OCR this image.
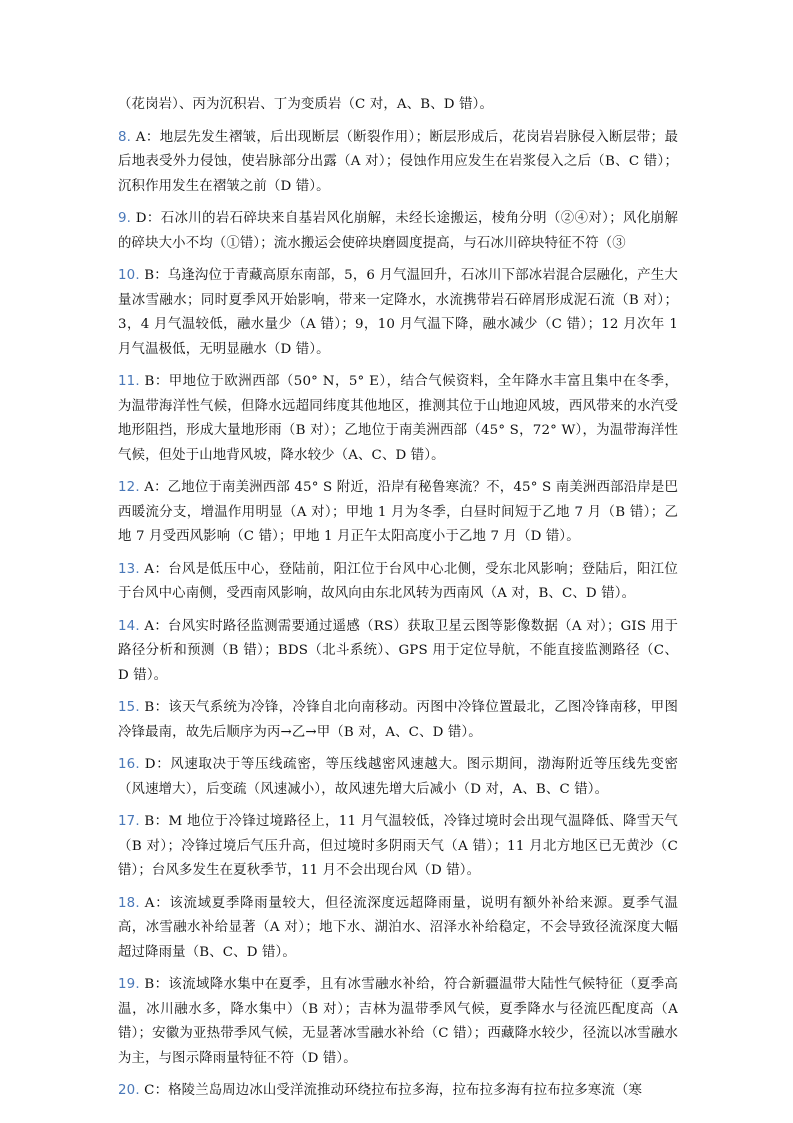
（花岗岩）、丙为沉积岩、丁为变质岩（C 对，A、B、D 错）。

8. A：地层先发生褶皱，后出现断层（断裂作用）；断层形成后，花岗岩岩脉侵入断层带；最后地表受外力侵蚀，使岩脉部分出露（A 对）；侵蚀作用应发生在岩浆侵入之后（B、C 错）；沉积作用发生在褶皱之前（D 错）。

9. D：石冰川的岩石碎块来自基岩风化崩解，未经长途搬运，棱角分明（②④对）；风化崩解的碎块大小不均（①错）；流水搬运会使碎块磨圆度提高，与石冰川碎块特征不符（③

10. B：乌逢沟位于青藏高原东南部，5，6 月气温回升，石冰川下部冰岩混合层融化，产生大量冰雪融水；同时夏季风开始影响，带来一定降水，水流携带岩石碎屑形成泥石流（B 对）；3，4 月气温较低，融水量少（A 错）；9，10 月气温下降，融水减少（C 错）；12 月次年 1 月气温极低，无明显融水（D 错）。

11. B：甲地位于欧洲西部（50° N，5° E），结合气候资料，全年降水丰富且集中在冬季，为温带海洋性气候，但降水远超同纬度其他地区，推测其位于山地迎风坡，西风带来的水汽受地形阻挡，形成大量地形雨（B 对）；乙地位于南美洲西部（45° S，72° W），为温带海洋性气候，但处于山地背风坡，降水较少（A、C、D 错）。

12. A：乙地位于南美洲西部 45° S 附近，沿岸有秘鲁寒流？不，45° S 南美洲西部沿岸是巴西暖流分支，增温作用明显（A 对）；甲地 1 月为冬季，白昼时间短于乙地 7 月（B 错）；乙地 7 月受西风影响（C 错）；甲地 1 月正午太阳高度小于乙地 7 月（D 错）。

13. A：台风是低压中心，登陆前，阳江位于台风中心北侧，受东北风影响；登陆后，阳江位于台风中心南侧，受西南风影响，故风向由东北风转为西南风（A 对，B、C、D 错）。

14. A：台风实时路径监测需要通过遥感（RS）获取卫星云图等影像数据（A 对）；GIS 用于路径分析和预测（B 错）；BDS（北斗系统）、GPS 用于定位导航，不能直接监测路径（C、D 错）。

15. B：该天气系统为冷锋，冷锋自北向南移动。丙图中冷锋位置最北，乙图冷锋南移，甲图冷锋最南，故先后顺序为丙→乙→甲（B 对，A、C、D 错）。

16. D：风速取决于等压线疏密，等压线越密风速越大。图示期间，渤海附近等压线先变密（风速增大），后变疏（风速减小），故风速先增大后减小（D 对，A、B、C 错）。

17. B：M 地位于冷锋过境路径上，11 月气温较低，冷锋过境时会出现气温降低、降雪天气（B 对）；冷锋过境后气压升高，但过境时多阴雨天气（A 错）；11 月北方地区已无黄沙（C 错）；台风多发生在夏秋季节，11 月不会出现台风（D 错）。

18. A：该流域夏季降雨量较大，但径流深度远超降雨量，说明有额外补给来源。夏季气温高，冰雪融水补给显著（A 对）；地下水、湖泊水、沼泽水补给稳定，不会导致径流深度大幅超过降雨量（B、C、D 错）。

19. B：该流域降水集中在夏季，且有冰雪融水补给，符合新疆温带大陆性气候特征（夏季高温，冰川融水多，降水集中）（B 对）；吉林为温带季风气候，夏季降水与径流匹配度高（A 错）；安徽为亚热带季风气候，无显著冰雪融水补给（C 错）；西藏降水较少，径流以冰雪融水为主，与图示降雨量特征不符（D 错）。

20. C：格陵兰岛周边冰山受洋流推动环绕拉布拉多海，拉布拉多海有拉布拉多寒流（寒
